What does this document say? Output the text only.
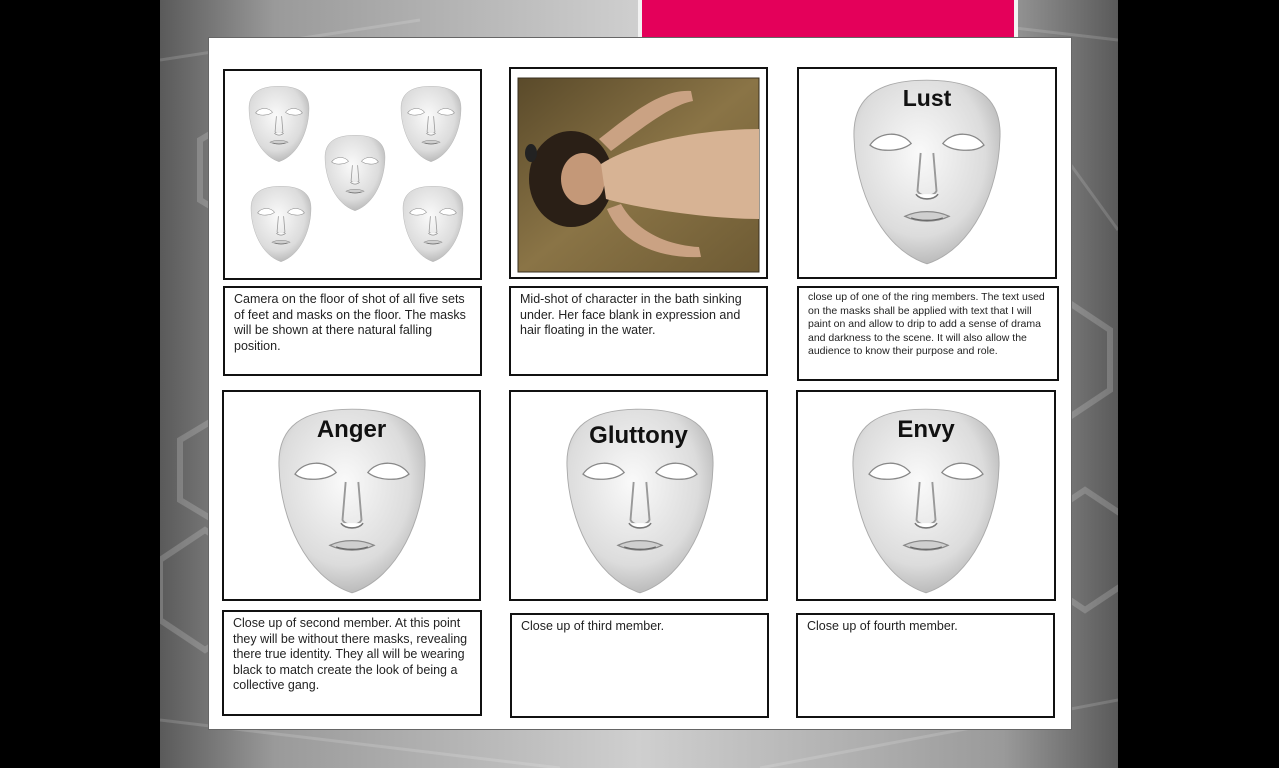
Lust
Camera on the floor of shot of all five sets of feet and masks on the floor. The masks will be shown at there natural falling position.
Mid-shot of character in the bath sinking under. Her face blank in expression and hair floating in the water.
close up of one of the ring members. The text used on the masks shall be applied with text that I will paint on and allow to drip to add a sense of drama and darkness to the scene. It will also allow the audience to know their purpose and role.
Anger	Gluttony	Envy
Close up of second member. At this point they will be without there masks, revealing there true identity. They all will be wearing black to match create the look of being a collective gang.
Close up of third member.	Close up of fourth member.
